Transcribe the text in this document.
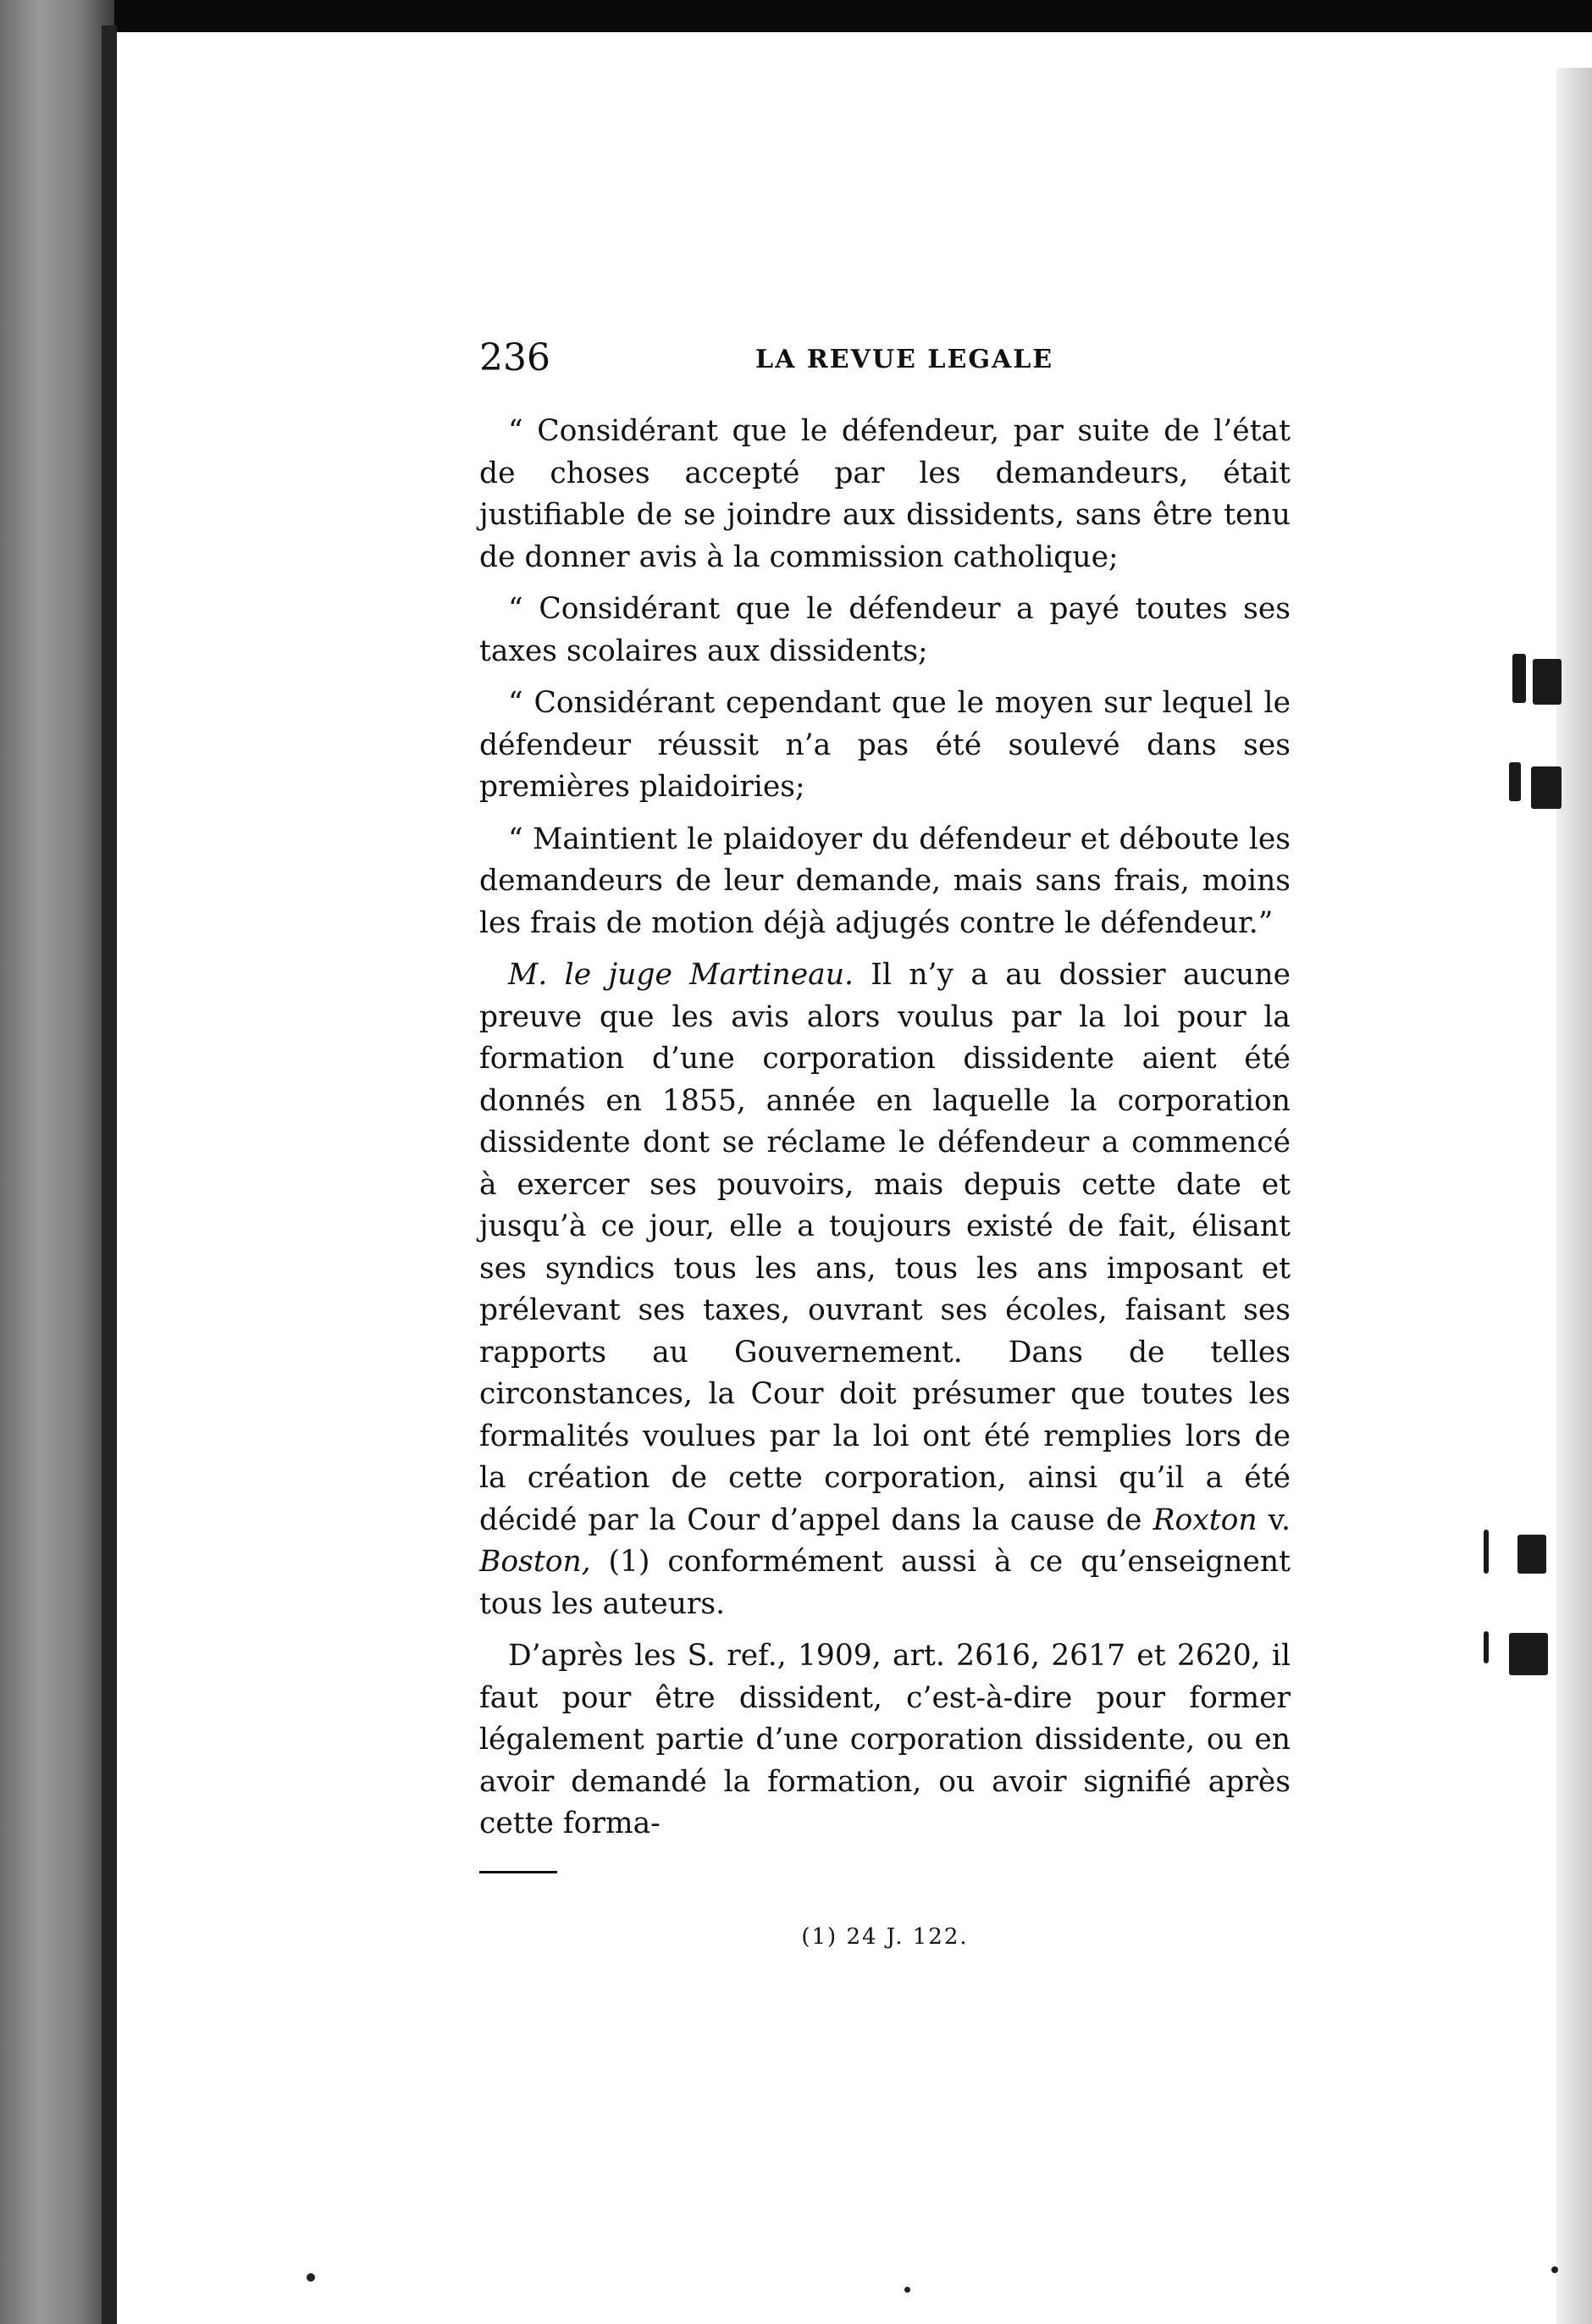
236	LA REVUE LEGALE

“ Considérant que le défendeur, par suite de l’état de choses accepté par les demandeurs, était justifiable de se joindre aux dissidents, sans être tenu de donner avis à la commission catholique;

“ Considérant que le défendeur a payé toutes ses taxes scolaires aux dissidents;

“ Considérant cependant que le moyen sur lequel le défendeur réussit n’a pas été soulevé dans ses premières plaidoiries;

“ Maintient le plaidoyer du défendeur et déboute les demandeurs de leur demande, mais sans frais, moins les frais de motion déjà adjugés contre le défendeur.”

M. le juge Martineau. Il n’y a au dossier aucune preuve que les avis alors voulus par la loi pour la formation d’une corporation dissidente aient été donnés en 1855, année en laquelle la corporation dissidente dont se réclame le défendeur a commencé à exercer ses pouvoirs, mais depuis cette date et jusqu’à ce jour, elle a toujours existé de fait, élisant ses syndics tous les ans, tous les ans imposant et prélevant ses taxes, ouvrant ses écoles, faisant ses rapports au Gouvernement. Dans de telles circonstances, la Cour doit présumer que toutes les formalités voulues par la loi ont été remplies lors de la création de cette corporation, ainsi qu’il a été décidé par la Cour d’appel dans la cause de Roxton v. Boston, (1) conformément aussi à ce qu’enseignent tous les auteurs.

D’après les S. ref., 1909, art. 2616, 2617 et 2620, il faut pour être dissident, c’est-à-dire pour former légalement partie d’une corporation dissidente, ou en avoir demandé la formation, ou avoir signifié après cette forma-

(1) 24 J. 122.
